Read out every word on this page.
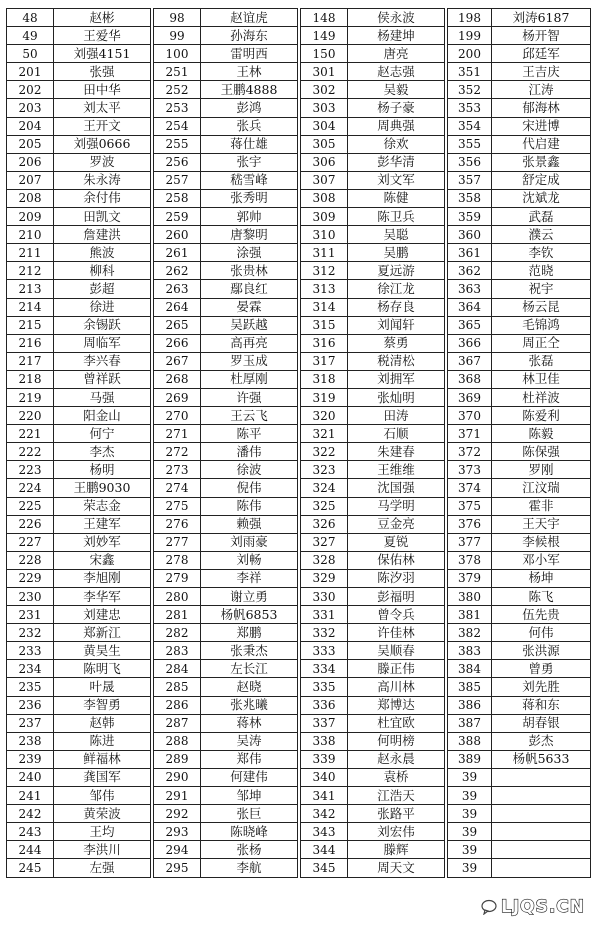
48	赵彬
49	王爱华
50	刘强4151
201	张强
202	田中华
203	刘太平
204	王开文
205	刘强0666
206	罗波
207	朱永涛
208	余付伟
209	田凯文
210	詹建洪
211	熊波
212	柳科
213	彭超
214	徐进
215	余锡跃
216	周临军
217	李兴春
218	曾祥跃
219	马强
220	阳金山
221	何宁
222	李杰
223	杨明
224	王鹏9030
225	荣志金
226	王建军
227	刘妙军
228	宋鑫
229	李旭刚
230	李华军
231	刘建忠
232	郑新江
233	黄昊生
234	陈明飞
235	叶晟
236	李智勇
237	赵韩
238	陈进
239	鲜福林
240	龚国军
241	邹伟
242	黄荣波
243	王均
244	李洪川
245	左强
98	赵谊虎
99	孙海东
100	雷明西
251	王林
252	王鹏4888
253	彭鸿
254	张兵
255	蒋仕雄
256	张宇
257	嵇雪峰
258	张秀明
259	郭帅
260	唐黎明
261	涂强
262	张贵林
263	鄢良红
264	晏霖
265	吴跃越
266	高再亮
267	罗玉成
268	杜厚刚
269	许强
270	王云飞
271	陈平
272	潘伟
273	徐波
274	倪伟
275	陈伟
276	赖强
277	刘雨豪
278	刘畅
279	李祥
280	谢立勇
281	杨帆6853
282	郑鹏
283	张秉杰
284	左长江
285	赵晓
286	张兆曦
287	蒋林
288	吴涛
289	郑伟
290	何建伟
291	邹坤
292	张巨
293	陈晓峰
294	张杨
295	李航
148	侯永波
149	杨建坤
150	唐亮
301	赵志强
302	吴毅
303	杨子豪
304	周典强
305	徐欢
306	彭华清
307	刘文军
308	陈健
309	陈卫兵
310	吴聪
311	吴鹏
312	夏远游
313	徐江龙
314	杨存良
315	刘闻轩
316	蔡勇
317	税清松
318	刘拥军
319	张灿明
320	田涛
321	石顺
322	朱建春
323	王维维
324	沈国强
325	马学明
326	豆金亮
327	夏锐
328	保佑林
329	陈汐羽
330	彭福明
331	曾令兵
332	许佳林
333	吴顺春
334	滕正伟
335	高川林
336	郑博达
337	杜宜欧
338	何明榜
339	赵永晨
340	袁桥
341	江浩天
342	张路平
343	刘宏伟
344	滕辉
345	周天文
198	刘涛6187
199	杨开智
200	邱廷军
351	王吉庆
352	江涛
353	郁海林
354	宋进博
355	代启建
356	张景鑫
357	舒定成
358	沈斌龙
359	武磊
360	濮云
361	李钦
362	范晓
363	祝宇
364	杨云昆
365	毛锦鸿
366	周正仝
367	张磊
368	林卫佳
369	杜祥波
370	陈爱利
371	陈毅
372	陈保强
373	罗刚
374	江汶瑞
375	霍非
376	王天宇
377	李候根
378	邓小军
379	杨坤
380	陈飞
381	伍先贵
382	何伟
383	张洪源
384	曾勇
385	刘先胜
386	蒋和东
387	胡春银
388	彭杰
389	杨帆5633
39	
39	
39	
39	
39	
39	
LJQS.CN
